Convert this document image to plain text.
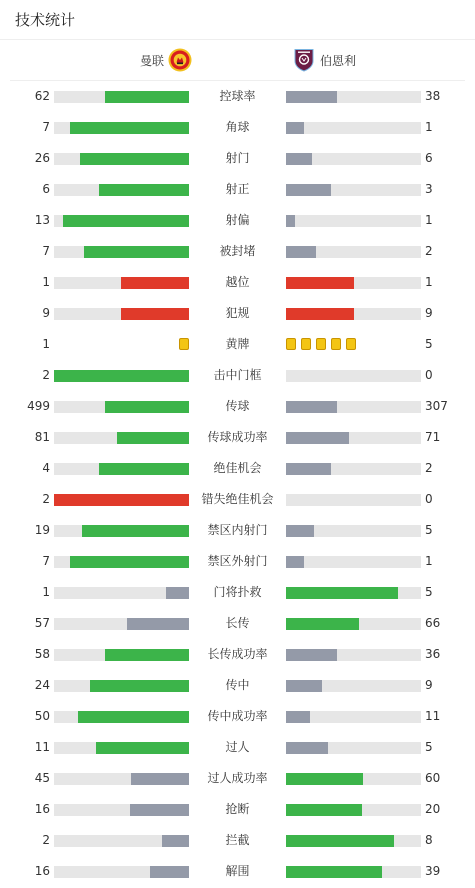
技术统计
曼联	伯恩利
62	控球率	38
7	角球	1
26	射门	6
6	射正	3
13	射偏	1
7	被封堵	2
1	越位	1
9	犯规	9
1	黄牌	5
2	击中门框	0
499	传球	307
81	传球成功率	71
4	绝佳机会	2
2	错失绝佳机会	0
19	禁区内射门	5
7	禁区外射门	1
1	门将扑救	5
57	长传	66
58	长传成功率	36
24	传中	9
50	传中成功率	11
11	过人	5
45	过人成功率	60
16	抢断	20
2	拦截	8
16	解围	39
